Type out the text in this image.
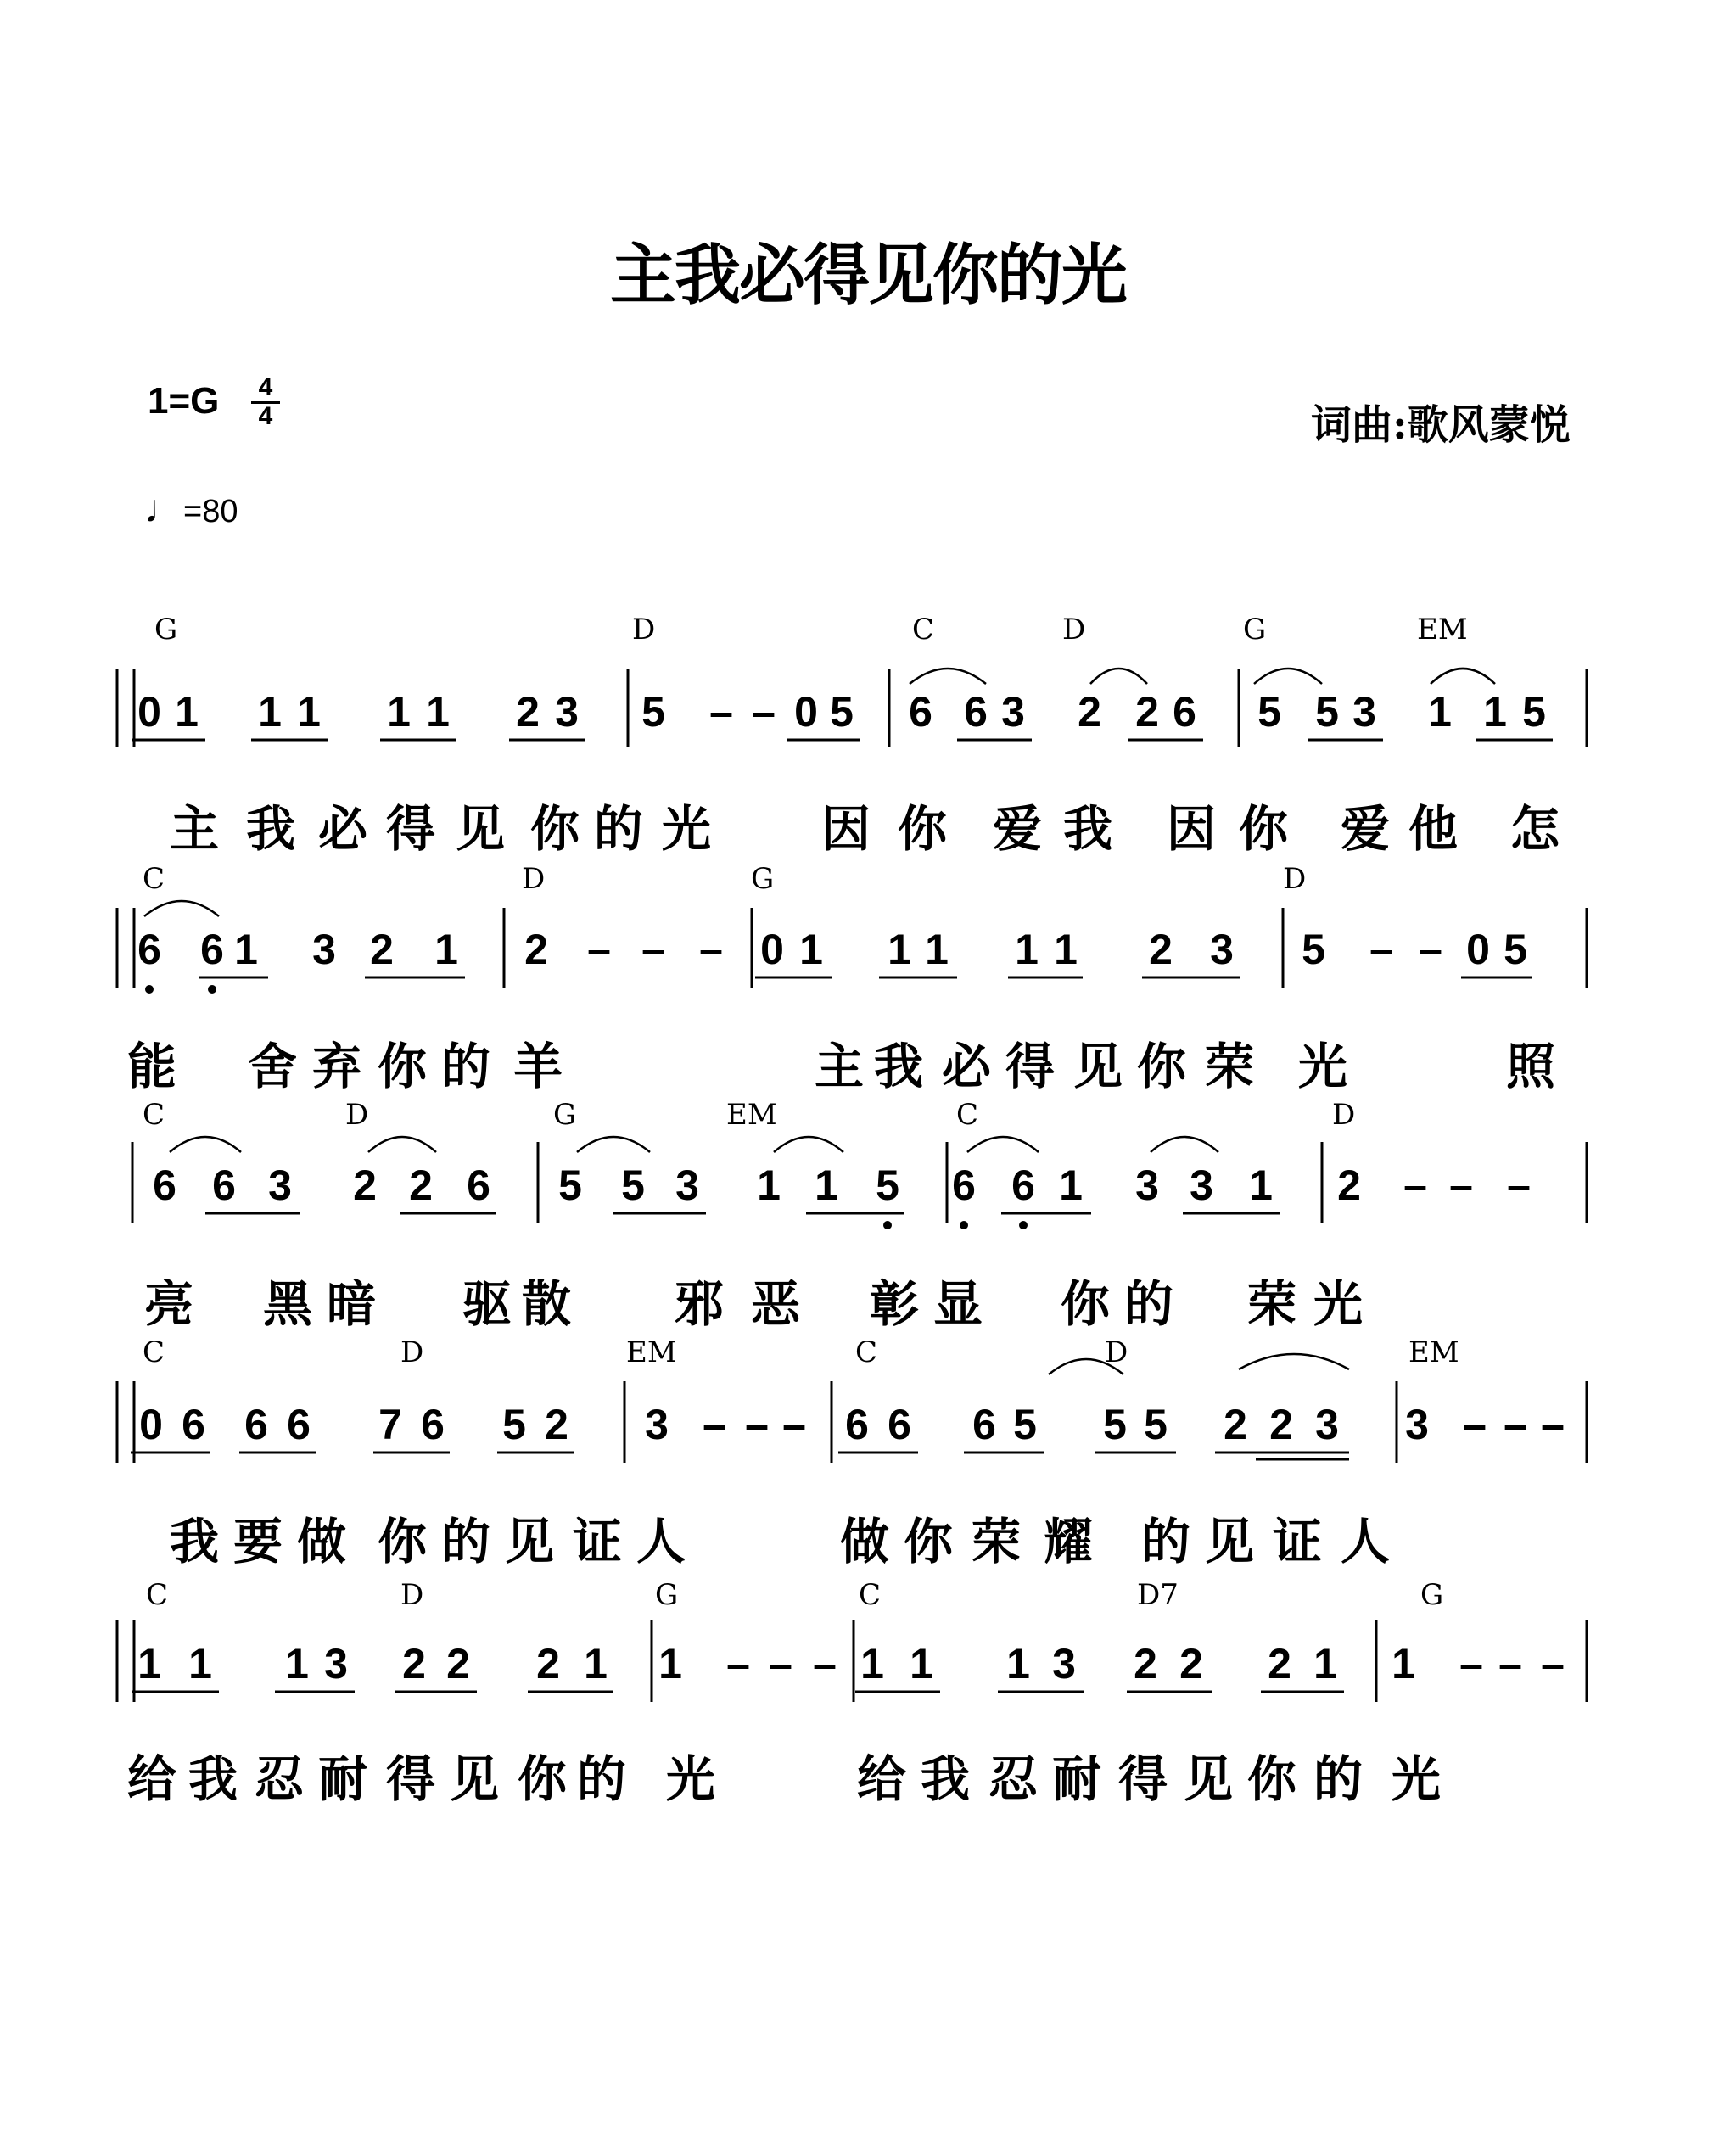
主我必得见你的光
1=G 4
4
♩=80
词曲:歌风蒙悦
0 1 1 1 1 1 2 3 5 – – 0 5 6 6 3 2 2 6 5 5 3 1 1 5
6 6 1 3 2 1 2 – – – 0 1 1 1 1 1 2 3 5 – – 0 5
6 6 3 2 2 6 5 5 3 1 1 5 6 6 1 3 3 1 2 – – –
0 6 6 6 7 6 5 2 3 – – – 6 6 6 5 5 5 2 2 3 3 – – –
1 1 1 3 2 2 2 1 1 – – – 1 1 1 3 2 2 2 1 1 – – –
G	D	C	D	G	EM
主 我 必 得 见 你 的 光 因 你 爱 我 因 你 爱 他 怎
C	D	G	D
能 舍 弃 你 的 羊	主 我 必 得 见 你 荣 光	照
C	D	G	EM	C	D
亮 黑 暗 驱 散 邪 恶 彰 显 你 的 荣 光
C	D	EM	C	D	EM
我 要 做 你 的 见 证 人	做 你 荣 耀 的 见 证 人
C	D	G	C	D7	G
给 我 忍 耐 得 见 你 的 光	给 我 忍 耐 得 见 你 的 光
